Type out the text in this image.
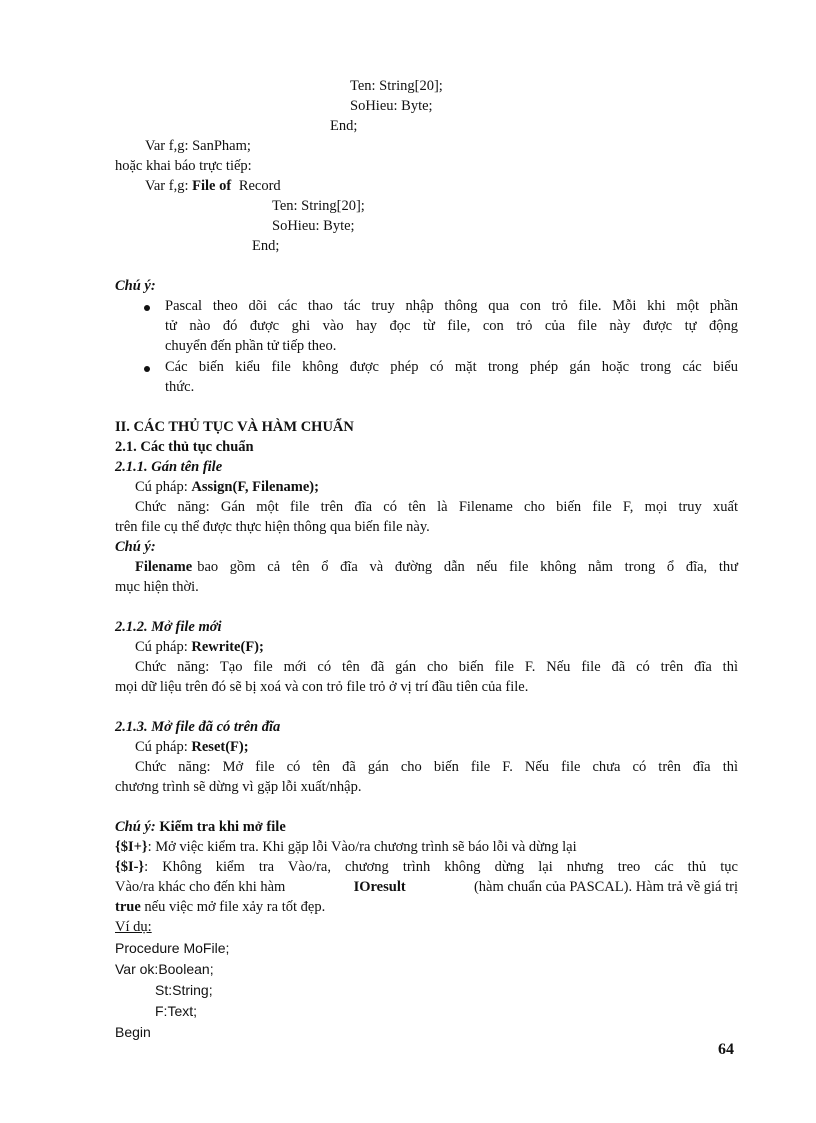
Ten: String[20];
SoHieu: Byte;
End;
Var f,g: SanPham;
hoặc khai báo trực tiếp:
Var f,g: File of Record
Ten: String[20];
SoHieu: Byte;
End;
Chú ý:
Pascal theo dõi các thao tác truy nhập thông qua con trỏ file. Mỗi khi một phần
tử nào đó được ghi vào hay đọc từ file, con trỏ của file này được tự động
chuyển đến phần tử tiếp theo.
Các biến kiểu file không được phép có mặt trong phép gán hoặc trong các biểu
thức.
II. CÁC THỦ TỤC VÀ HÀM CHUẨN
2.1. Các thủ tục chuẩn
2.1.1. Gán tên file
Cú pháp: Assign(F, Filename);
Chức năng: Gán một file trên đĩa có tên là Filename cho biến file F, mọi truy xuất
trên file cụ thể được thực hiện thông qua biến file này.
Chú ý:
Filename bao gồm cả tên ổ đĩa và đường dẫn nếu file không nằm trong ổ đĩa, thư
mục hiện thời.
2.1.2. Mở file mới
Cú pháp: Rewrite(F);
Chức năng: Tạo file mới có tên đã gán cho biến file F. Nếu file đã có trên đĩa thì
mọi dữ liệu trên đó sẽ bị xoá và con trỏ file trỏ ở vị trí đầu tiên của file.
2.1.3. Mở file đã có trên đĩa
Cú pháp: Reset(F);
Chức năng: Mở file có tên đã gán cho biến file F. Nếu file chưa có trên đĩa thì
chương trình sẽ dừng vì gặp lỗi xuất/nhập.
Chú ý: Kiểm tra khi mở file
{$I+}: Mở việc kiểm tra. Khi gặp lỗi Vào/ra chương trình sẽ báo lỗi và dừng lại
{$I-} : Không kiểm tra Vào/ra, chương trình không dừng lại nhưng treo các thủ tục
Vào/ra khác cho đến khi hàm	IOresult	(hàm chuẩn của PASCAL). Hàm trả về giá trị
true nếu việc mở file xảy ra tốt đẹp.
Ví dụ:
Procedure MoFile;
Var ok:Boolean;
St:String;
F:Text;
Begin
64
